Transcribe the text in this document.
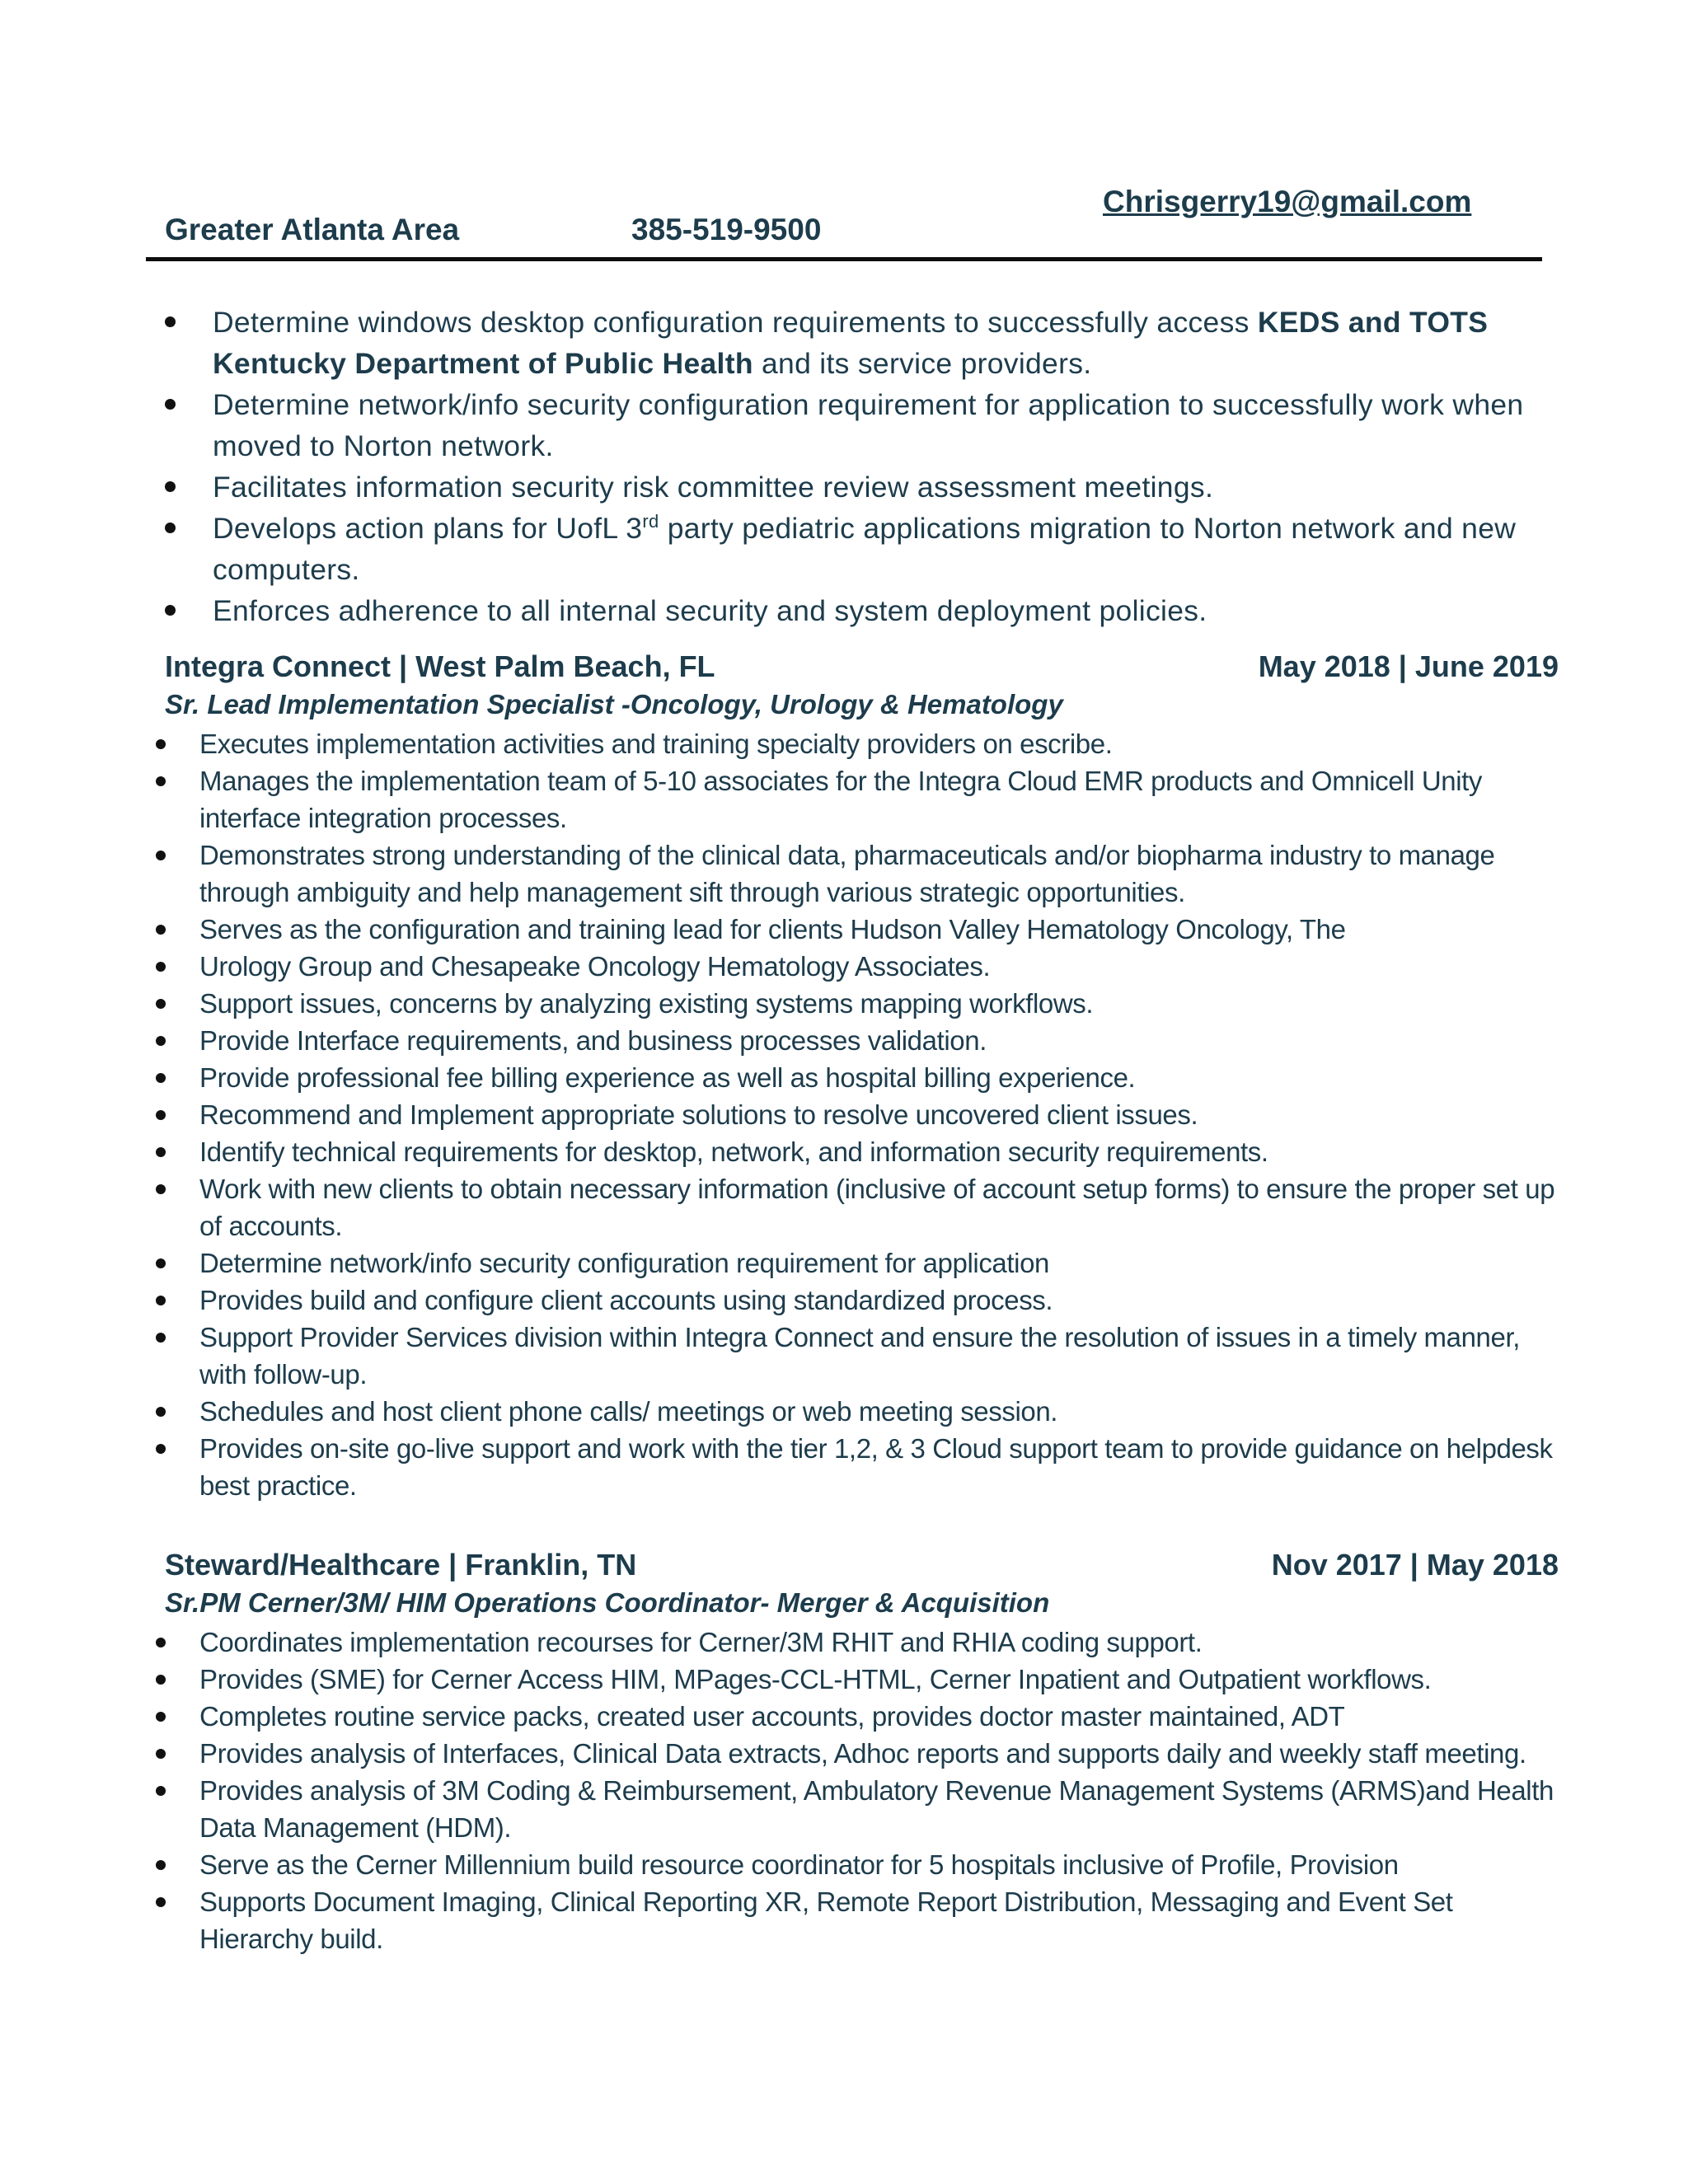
Chrisgerry19@gmail.com
Greater Atlanta Area	385-519-9500
Determine windows desktop configuration requirements to successfully access KEDS and TOTS Kentucky Department of Public Health and its service providers.
Determine network/info security configuration requirement for application to successfully work when moved to Norton network.
Facilitates information security risk committee review assessment meetings.
Develops action plans for UofL 3rd party pediatric applications migration to Norton network and new computers.
Enforces adherence to all internal security and system deployment policies.
Integra Connect | West Palm Beach, FL	May 2018 | June 2019
Sr. Lead Implementation Specialist -Oncology, Urology & Hematology
Executes implementation activities and training specialty providers on escribe.
Manages the implementation team of 5-10 associates for the Integra Cloud EMR products and Omnicell Unity interface integration processes.
Demonstrates strong understanding of the clinical data, pharmaceuticals and/or biopharma industry to manage through ambiguity and help management sift through various strategic opportunities.
Serves as the configuration and training lead for clients Hudson Valley Hematology Oncology, The
Urology Group and Chesapeake Oncology Hematology Associates.
Support issues, concerns by analyzing existing systems mapping workflows.
Provide Interface requirements, and business processes validation.
Provide professional fee billing experience as well as hospital billing experience.
Recommend and Implement appropriate solutions to resolve uncovered client issues.
Identify technical requirements for desktop, network, and information security requirements.
Work with new clients to obtain necessary information (inclusive of account setup forms) to ensure the proper set up of accounts.
Determine network/info security configuration requirement for application
Provides build and configure client accounts using standardized process.
Support Provider Services division within Integra Connect and ensure the resolution of issues in a timely manner, with follow-up.
Schedules and host client phone calls/ meetings or web meeting session.
Provides on-site go-live support and work with the tier 1,2, & 3 Cloud support team to provide guidance on helpdesk best practice.
Steward/Healthcare | Franklin, TN	Nov 2017 | May 2018
Sr.PM Cerner/3M/ HIM Operations Coordinator- Merger & Acquisition
Coordinates implementation recourses for Cerner/3M RHIT and RHIA coding support.
Provides (SME) for Cerner Access HIM, MPages-CCL-HTML, Cerner Inpatient and Outpatient workflows.
Completes routine service packs, created user accounts, provides doctor master maintained, ADT
Provides analysis of Interfaces, Clinical Data extracts, Adhoc reports and supports daily and weekly staff meeting.
Provides analysis of 3M Coding & Reimbursement, Ambulatory Revenue Management Systems (ARMS)and Health Data Management (HDM).
Serve as the Cerner Millennium build resource coordinator for 5 hospitals inclusive of Profile, Provision
Supports Document Imaging, Clinical Reporting XR, Remote Report Distribution, Messaging and Event Set Hierarchy build.
